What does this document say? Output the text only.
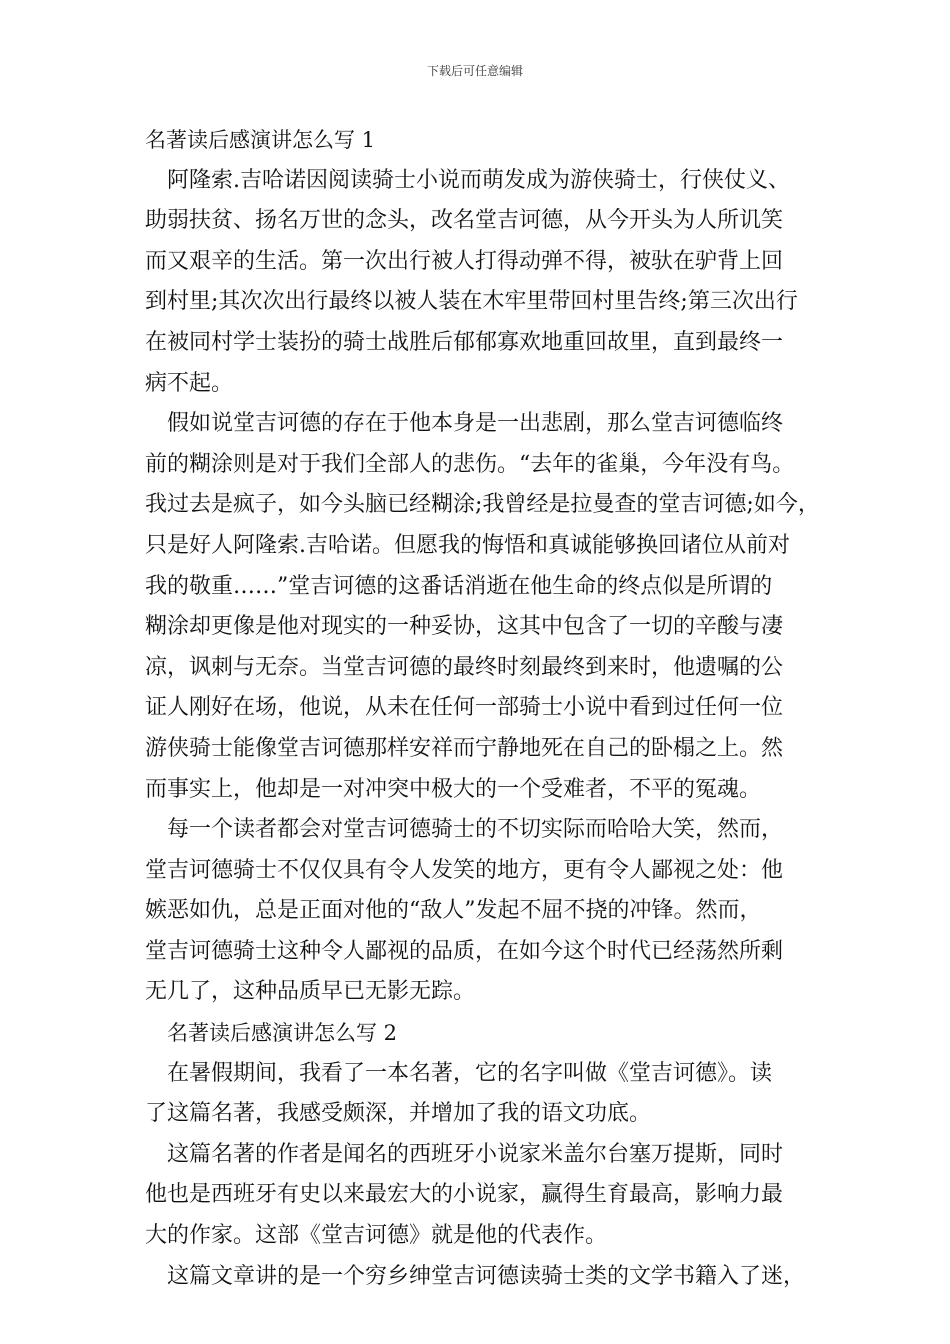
下载后可任意编辑
名著读后感演讲怎么写 1
阿隆索.吉哈诺因阅读骑士小说而萌发成为游侠骑士，行侠仗义、
助弱扶贫、扬名万世的念头，改名堂吉诃德，从今开头为人所讥笑
而又艰辛的生活。第一次出行被人打得动弹不得，被驮在驴背上回
到村里;其次次出行最终以被人装在木牢里带回村里告终;第三次出行
在被同村学士装扮的骑士战胜后郁郁寡欢地重回故里，直到最终一
病不起。
假如说堂吉诃德的存在于他本身是一出悲剧，那么堂吉诃德临终
前的糊涂则是对于我们全部人的悲伤。“去年的雀巢，今年没有鸟。
我过去是疯子，如今头脑已经糊涂;我曾经是拉曼查的堂吉诃德;如今，
只是好人阿隆索.吉哈诺。但愿我的悔悟和真诚能够换回诸位从前对
我的敬重……”堂吉诃德的这番话消逝在他生命的终点似是所谓的
糊涂却更像是他对现实的一种妥协，这其中包含了一切的辛酸与凄
凉，讽刺与无奈。当堂吉诃德的最终时刻最终到来时，他遗嘱的公
证人刚好在场，他说，从未在任何一部骑士小说中看到过任何一位
游侠骑士能像堂吉诃德那样安祥而宁静地死在自己的卧榻之上。然
而事实上，他却是一对冲突中极大的一个受难者，不平的冤魂。
每一个读者都会对堂吉诃德骑士的不切实际而哈哈大笑，然而，
堂吉诃德骑士不仅仅具有令人发笑的地方，更有令人鄙视之处：他
嫉恶如仇，总是正面对他的“敌人”发起不屈不挠的冲锋。然而，
堂吉诃德骑士这种令人鄙视的品质，在如今这个时代已经荡然所剩
无几了，这种品质早已无影无踪。
名著读后感演讲怎么写 2
在暑假期间，我看了一本名著，它的名字叫做《堂吉诃德》。读
了这篇名著，我感受颇深，并增加了我的语文功底。
这篇名著的作者是闻名的西班牙小说家米盖尔台塞万提斯，同时
他也是西班牙有史以来最宏大的小说家，赢得生育最高，影响力最
大的作家。这部《堂吉诃德》就是他的代表作。
这篇文章讲的是一个穷乡绅堂吉诃德读骑士类的文学书籍入了迷，
